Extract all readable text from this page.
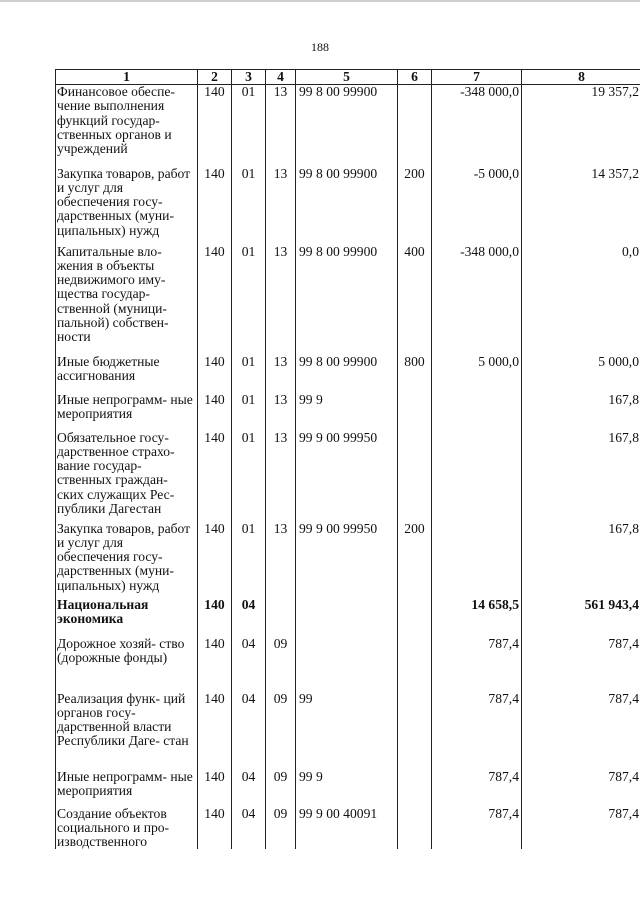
188
1	2	3	4	5	6	7	8
Финансовое обеспе- чение выполнения функций государ- ственных органов и учреждений	140	01	13	99 8 00 99900		-348 000,0	19 357,2
Закупка товаров, работ и услуг для обеспечения госу- дарственных (муни- ципальных) нужд	140	01	13	99 8 00 99900	200	-5 000,0	14 357,2
Капитальные вло- жения в объекты недвижимого иму- щества государ- ственной (муници- пальной) собствен- ности	140	01	13	99 8 00 99900	400	-348 000,0	0,0
Иные бюджетные ассигнования	140	01	13	99 8 00 99900	800	5 000,0	5 000,0
Иные непрограмм- ные мероприятия	140	01	13	99 9			167,8
Обязательное госу- дарственное страхо- вание государ- ственных граждан- ских служащих Рес- публики Дагестан	140	01	13	99 9 00 99950			167,8
Закупка товаров, работ и услуг для обеспечения госу- дарственных (муни- ципальных) нужд	140	01	13	99 9 00 99950	200		167,8
Национальная экономика	140	04				14 658,5	561 943,4
Дорожное хозяй- ство (дорожные фонды)	140	04	09			787,4	787,4
Реализация функ- ций органов госу- дарственной власти Республики Даге- стан	140	04	09	99		787,4	787,4
Иные непрограмм- ные мероприятия	140	04	09	99 9		787,4	787,4
Создание объектов социального и про- изводственного	140	04	09	99 9 00 40091		787,4	787,4
